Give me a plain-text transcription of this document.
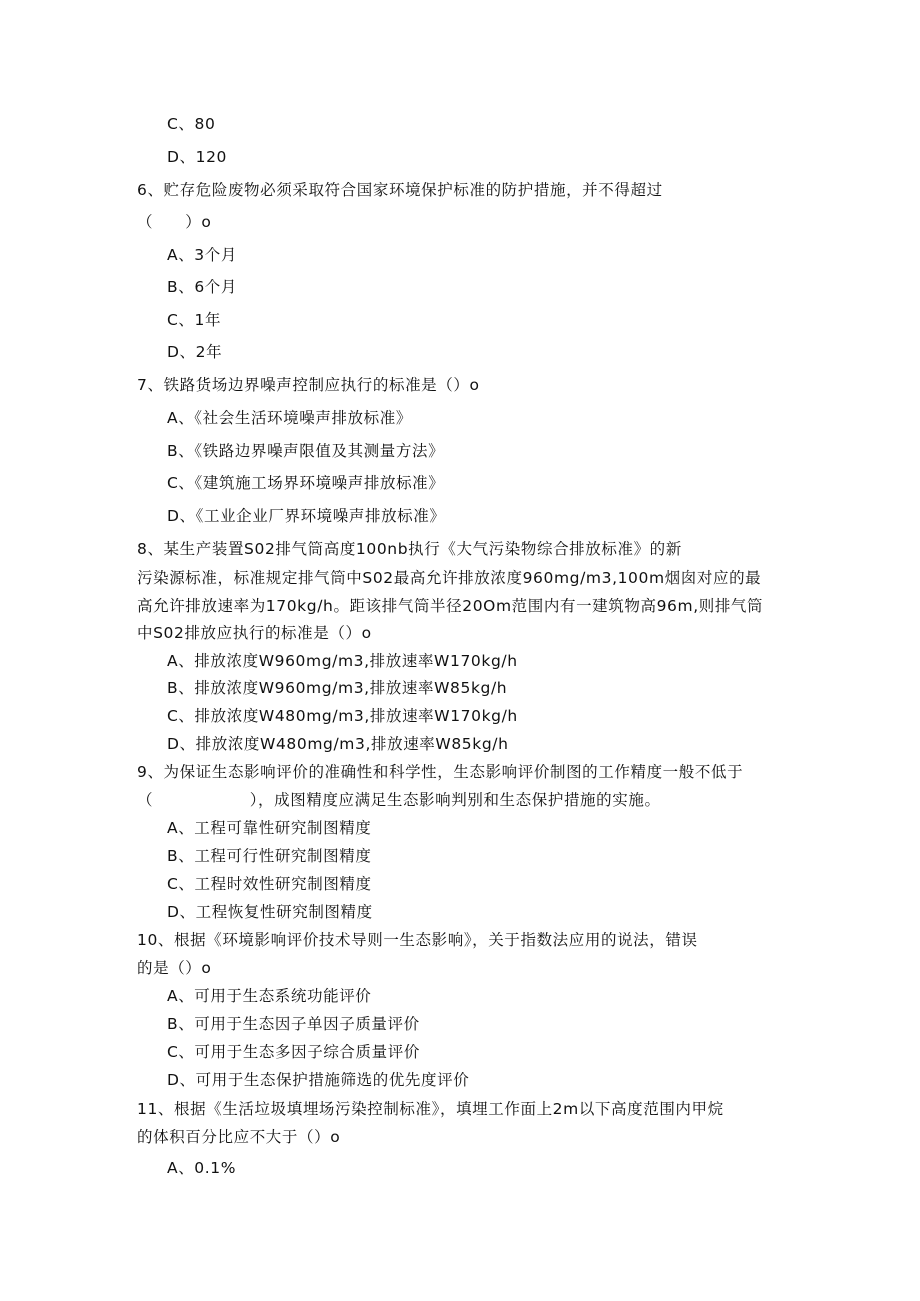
C、80
D、120
6、贮存危险废物必须采取符合国家环境保护标准的防护措施，并不得超过
（　　）o
A、3个月
B、6个月
C、1年
D、2年
7、铁路货场边界噪声控制应执行的标准是（）o
A、《社会生活环境噪声排放标准》
B、《铁路边界噪声限值及其测量方法》
C、《建筑施工场界环境噪声排放标准》
D、《工业企业厂界环境噪声排放标准》
8、某生产装置S02排气筒高度100nb执行《大气污染物综合排放标准》的新
污染源标准，标准规定排气筒中S02最高允许排放浓度960mg∕m3,100m烟囱对应的最
高允许排放速率为170kg∕h。距该排气筒半径20Om范围内有一建筑物高96m,则排气筒
中S02排放应执行的标准是（）o
A、排放浓度W960mg∕m3,排放速率W170kg∕h
B、排放浓度W960mg∕m3,排放速率W85kg∕h
C、排放浓度W480mg∕m3,排放速率W170kg∕h
D、排放浓度W480mg∕m3,排放速率W85kg∕h
9、为保证生态影响评价的准确性和科学性，生态影响评价制图的工作精度一般不低于
（　　　　　　），成图精度应满足生态影响判别和生态保护措施的实施。
A、工程可靠性研究制图精度
B、工程可行性研究制图精度
C、工程时效性研究制图精度
D、工程恢复性研究制图精度
10、根据《环境影响评价技术导则一生态影响》，关于指数法应用的说法，错误
的是（）o
A、可用于生态系统功能评价
B、可用于生态因子单因子质量评价
C、可用于生态多因子综合质量评价
D、可用于生态保护措施筛选的优先度评价
11、根据《生活垃圾填埋场污染控制标准》，填埋工作面上2m以下高度范围内甲烷
的体积百分比应不大于（）o
A、0.1%
